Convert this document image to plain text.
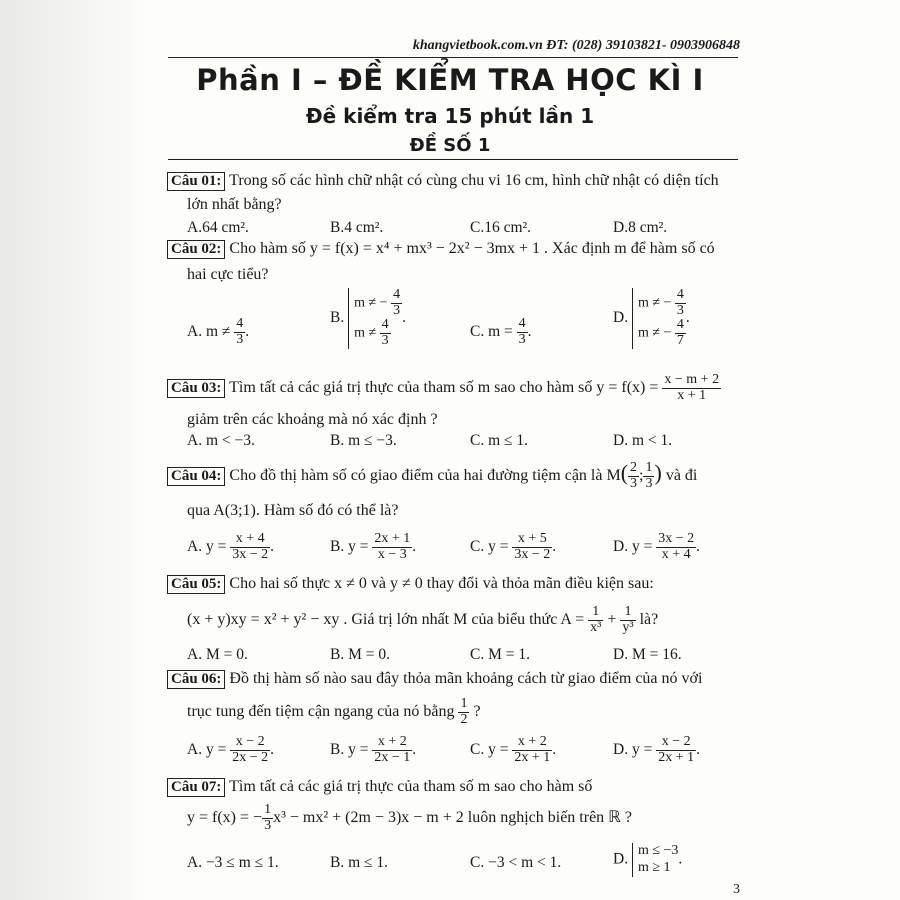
khangvietbook.com.vn ĐT: (028) 39103821- 0903906848
Phần I – ĐỀ KIỂM TRA HỌC KÌ I
Đề kiểm tra 15 phút lần 1
ĐỀ SỐ 1
Câu 01: Trong số các hình chữ nhật có cùng chu vi 16 cm, hình chữ nhật có diện tích
lớn nhất bằng?
A.64 cm².	B.4 cm².	C.16 cm².	D.8 cm².
Câu 02: Cho hàm số y = f(x) = x⁴ + mx³ − 2x² − 3mx + 1 . Xác định m để hàm số có
hai cực tiểu?
A. $m \ne \frac{4}{3}$ .
B.
m ≠ − $\frac{4}{3}$
$m \ne \frac{4}{3}$
.
C. $m = \frac{4}{3}$ .
D.
m ≠ − $\frac{4}{3}$
m ≠ − $\frac{4}{7}$
.
Câu 03: Tìm tất cả các giá trị thực của tham số m sao cho hàm số $y = f(x) = \frac{x - m + 2}{x + 1}$
giảm trên các khoảng mà nó xác định ?
A. m < −3.	B. m ≤ −3.	C. m ≤ 1.	D. m < 1.
Câu 04: Cho đồ thị hàm số có giao điểm của hai đường tiệm cận là $M( \frac{2}{3}$ ; $\frac{1}{3}$ ) và đi
qua A(3;1). Hàm số đó có thể là?
A. $y = \frac{x + 4}{3x - 2}$ .	B. $y = \frac{2x + 1}{x - 3}$ .	C. $y = \frac{x + 5}{3x - 2}$ .	D. $y = \frac{3x - 2}{x + 4}$ .
Câu 05: Cho hai số thực x ≠ 0 và y ≠ 0 thay đổi và thỏa mãn điều kiện sau:
(x + y)xy = x² + y² − xy . Giá trị lớn nhất M của biểu thức $A = \frac{1}{\text{x³}} + \frac{1}{\text{y³}}$ là?
A. M = 0.	B. M = 0.	C. M = 1.	D. M = 16.
Câu 06: Đồ thị hàm số nào sau đây thỏa mãn khoảng cách từ giao điểm của nó với
trục tung đến tiệm cận ngang của nó bằng $\frac{1}{2}$ ?
A. $y = \frac{x - 2}{2x - 2}$ .	B. $y = \frac{x + 2}{2x - 1}$ .	C. $y = \frac{x + 2}{2x + 1}$ .	D. $y = \frac{x - 2}{2x + 1}$ .
Câu 07: Tìm tất cả các giá trị thực của tham số m sao cho hàm số
y = f(x) = − $\frac{1}{3} x^3 - mx^2 + (2m - 3)x - m + 2$ luôn nghịch biến trên ℝ ?
A. −3 ≤ m ≤ 1.	B. m ≤ 1.	C. −3 < m < 1.	D. m ≤ −3
m ≥ 1 .
3
